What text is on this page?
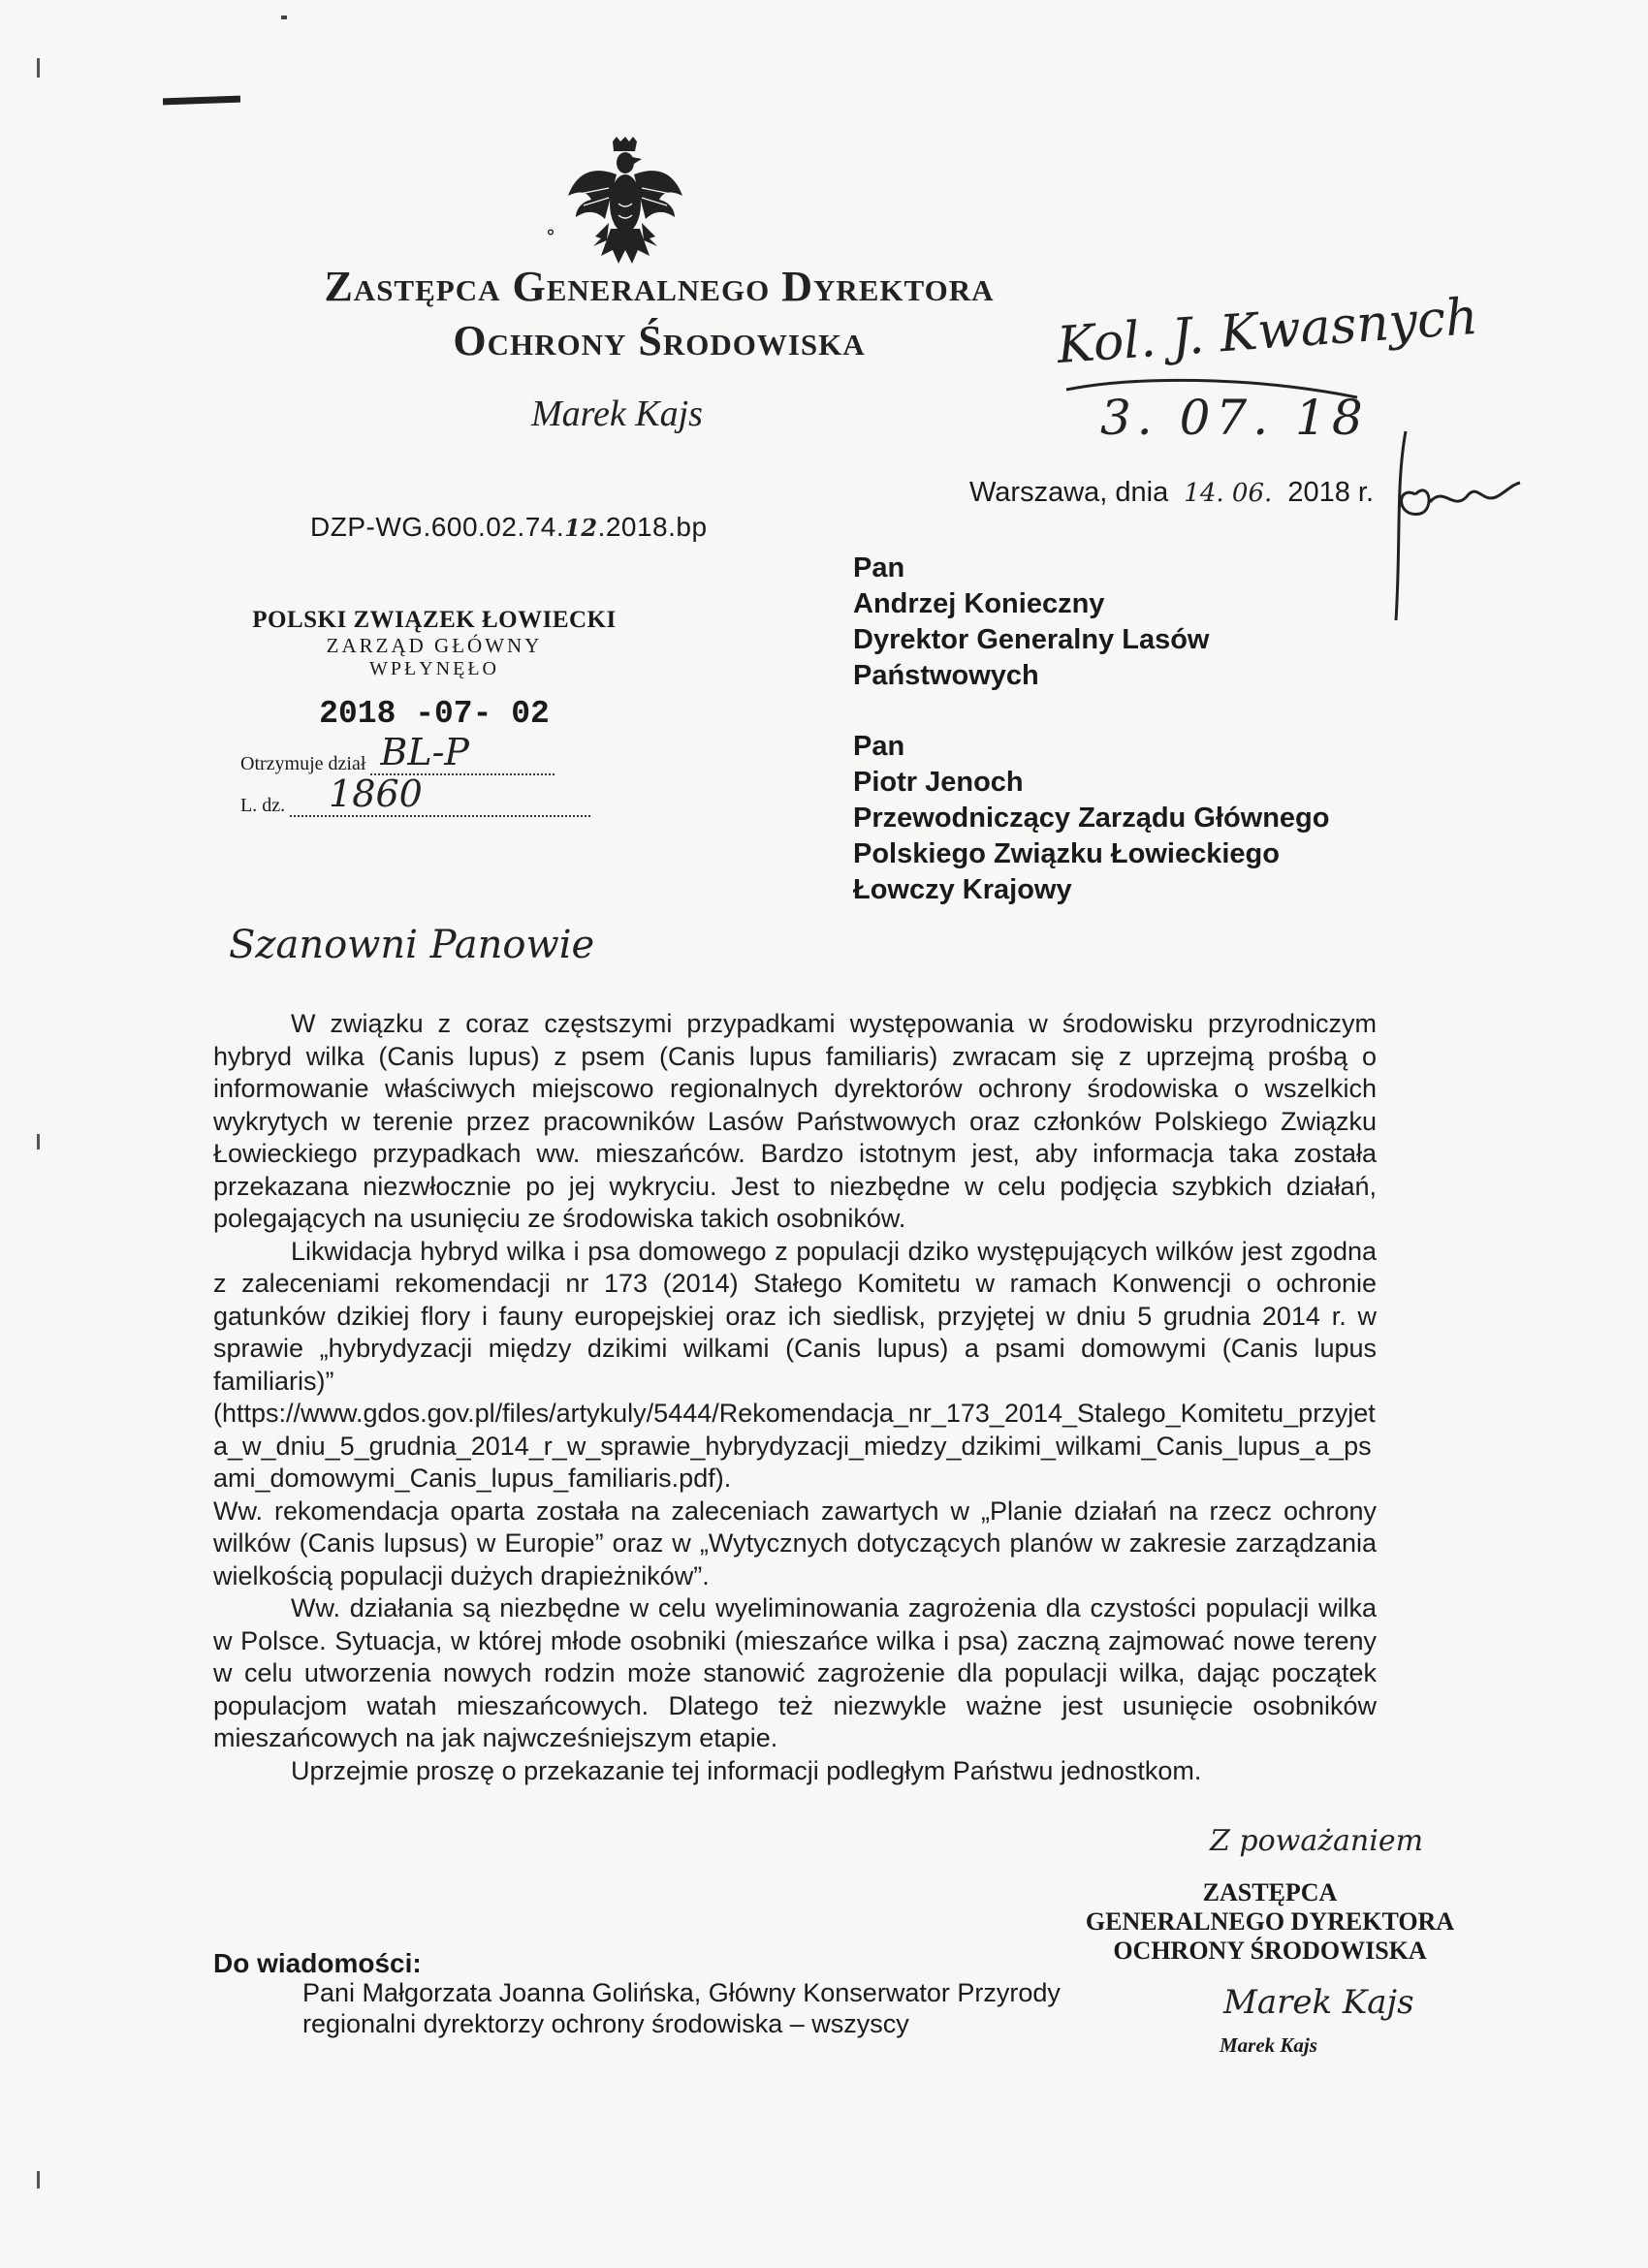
°
Zastępca Generalnego Dyrektora
Ochrony Środowiska
Marek Kajs
Kol. J. Kwasnych
3. 07. 18
DZP-WG.600.02.74.12.2018.bp
Warszawa, dnia 14. 06. 2018 r.
Pan
Andrzej Konieczny
Dyrektor Generalny Lasów
Państwowych
Pan
Piotr Jenoch
Przewodniczący Zarządu Głównego
Polskiego Związku Łowieckiego
Łowczy Krajowy
POLSKI ZWIĄZEK ŁOWIECKI
ZARZĄD GŁÓWNY
WPŁYNĘŁO
2018 -07- 02
Otrzymuje dział BL-P
L. dz. 1860
Szanowni Panowie

W związku z coraz częstszymi przypadkami występowania w środowisku przyrodniczym hybryd wilka (Canis lupus) z psem (Canis lupus familiaris) zwracam się z uprzejmą prośbą o informowanie właściwych miejscowo regionalnych dyrektorów ochrony środowiska o wszelkich wykrytych w terenie przez pracowników Lasów Państwowych oraz członków Polskiego Związku Łowieckiego przypadkach ww. mieszańców. Bardzo istotnym jest, aby informacja taka została przekazana niezwłocznie po jej wykryciu. Jest to niezbędne w celu podjęcia szybkich działań, polegających na usunięciu ze środowiska takich osobników.

Likwidacja hybryd wilka i psa domowego z populacji dziko występujących wilków jest zgodna z zaleceniami rekomendacji nr 173 (2014) Stałego Komitetu w ramach Konwencji o ochronie gatunków dzikiej flory i fauny europejskiej oraz ich siedlisk, przyjętej w dniu 5 grudnia 2014 r. w sprawie „hybrydyzacji między dzikimi wilkami (Canis lupus) a psami domowymi (Canis lupus familiaris)”

(https://www.gdos.gov.pl/files/artykuly/5444/Rekomendacja_nr_173_2014_Stalego_Komitetu_przyjeta_w_dniu_5_grudnia_2014_r_w_sprawie_hybrydyzacji_miedzy_dzikimi_wilkami_Canis_lupus_a_psami_domowymi_Canis_lupus_familiaris.pdf).

Ww. rekomendacja oparta została na zaleceniach zawartych w „Planie działań na rzecz ochrony wilków (Canis lupsus) w Europie” oraz w „Wytycznych dotyczących planów w zakresie zarządzania wielkością populacji dużych drapieżników”.

Ww. działania są niezbędne w celu wyeliminowania zagrożenia dla czystości populacji wilka w Polsce. Sytuacja, w której młode osobniki (mieszańce wilka i psa) zaczną zajmować nowe tereny w celu utworzenia nowych rodzin może stanowić zagrożenie dla populacji wilka, dając początek populacjom watah mieszańcowych. Dlatego też niezwykle ważne jest usunięcie osobników mieszańcowych na jak najwcześniejszym etapie.

Uprzejmie proszę o przekazanie tej informacji podległym Państwu jednostkom.

Z poważaniem
ZASTĘPCA
GENERALNEGO DYREKTORA
OCHRONY ŚRODOWISKA
Marek Kajs
Marek Kajs
Do wiadomości:
Pani Małgorzata Joanna Golińska, Główny Konserwator Przyrody
regionalni dyrektorzy ochrony środowiska – wszyscy
